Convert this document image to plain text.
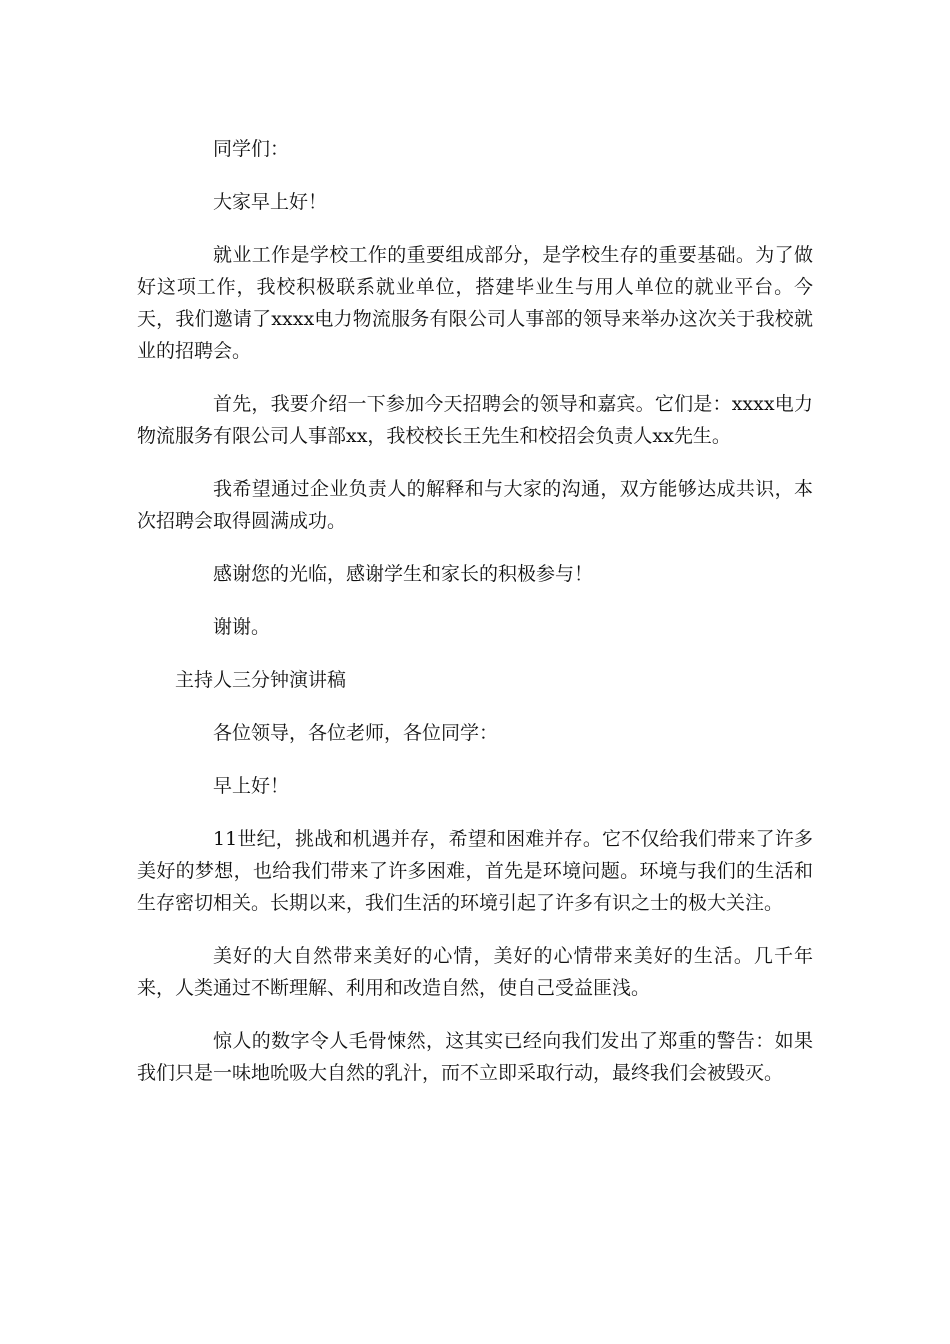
同学们：

大家早上好！

就业工作是学校工作的重要组成部分，是学校生存的重要基础。为了做好这项工作，我校积极联系就业单位，搭建毕业生与用人单位的就业平台。今天，我们邀请了xxxx电力物流服务有限公司人事部的领导来举办这次关于我校就业的招聘会。

首先，我要介绍一下参加今天招聘会的领导和嘉宾。它们是：xxxx电力物流服务有限公司人事部xx，我校校长王先生和校招会负责人xx先生。

我希望通过企业负责人的解释和与大家的沟通，双方能够达成共识，本次招聘会取得圆满成功。

感谢您的光临，感谢学生和家长的积极参与！

谢谢。

主持人三分钟演讲稿

各位领导，各位老师，各位同学：

早上好！

11世纪，挑战和机遇并存，希望和困难并存。它不仅给我们带来了许多美好的梦想，也给我们带来了许多困难，首先是环境问题。环境与我们的生活和生存密切相关。长期以来，我们生活的环境引起了许多有识之士的极大关注。

美好的大自然带来美好的心情，美好的心情带来美好的生活。几千年来，人类通过不断理解、利用和改造自然，使自己受益匪浅。

惊人的数字令人毛骨悚然，这其实已经向我们发出了郑重的警告：如果我们只是一味地吮吸大自然的乳汁，而不立即采取行动，最终我们会被毁灭。
